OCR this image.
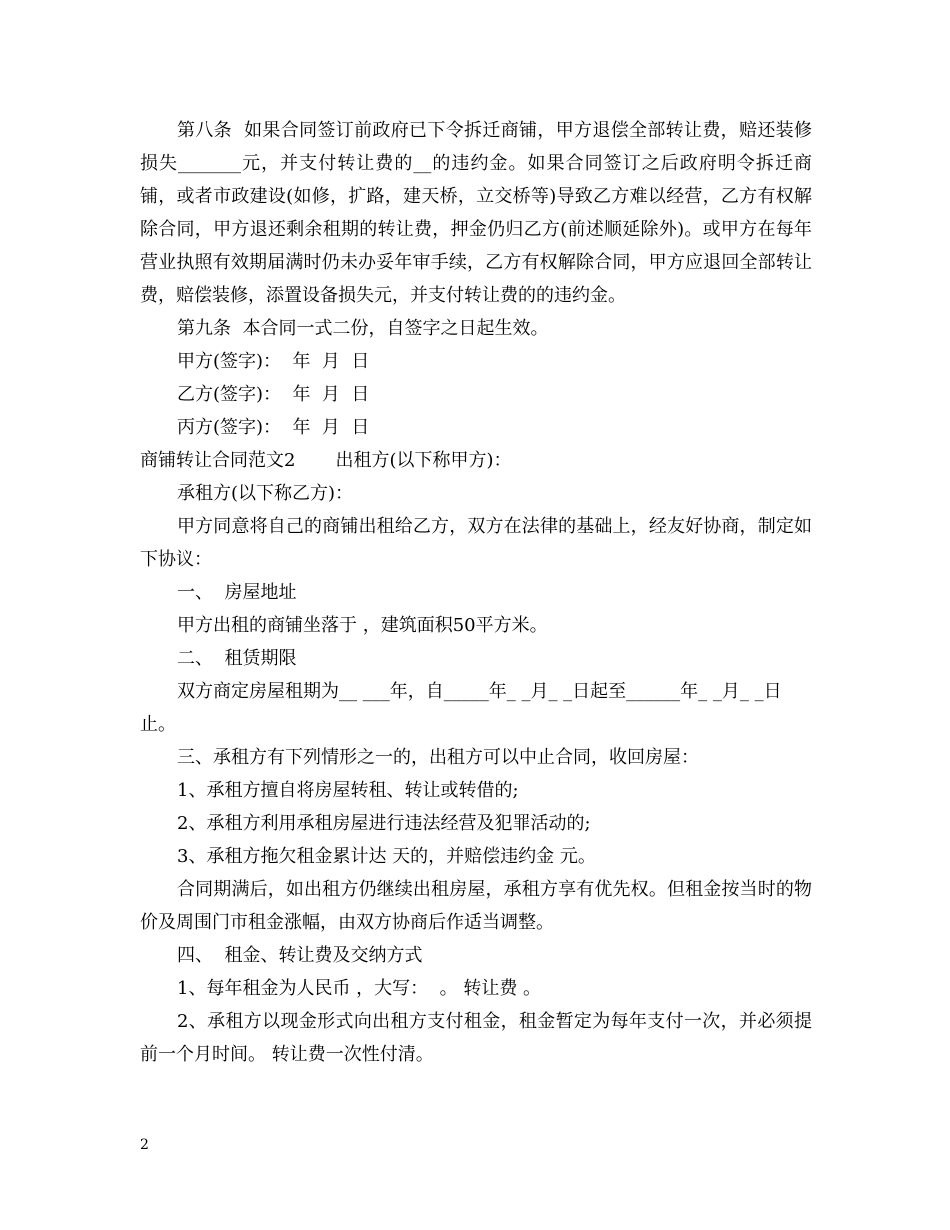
第八条  如果合同签订前政府已下令拆迁商铺，甲方退偿全部转让费，赔还装修损失_______元，并支付转让费的__的违约金。如果合同签订之后政府明令拆迁商铺，或者市政建设(如修，扩路，建天桥，立交桥等)导致乙方难以经营，乙方有权解除合同，甲方退还剩余租期的转让费，押金仍归乙方(前述顺延除外)。或甲方在每年营业执照有效期届满时仍未办妥年审手续，乙方有权解除合同，甲方应退回全部转让费，赔偿装修，添置设备损失元，并支付转让费的的违约金。

第九条  本合同一式二份，自签字之日起生效。

甲方(签字)：  年  月  日

乙方(签字)：  年  月  日

丙方(签字)：  年  月  日

商铺转让合同范文2       出租方(以下称甲方)：

承租方(以下称乙方)：

甲方同意将自己的商铺出租给乙方，双方在法律的基础上，经友好协商，制定如下协议：

一、  房屋地址

甲方出租的商铺坐落于 ，建筑面积50平方米。

二、  租赁期限

双方商定房屋租期为__ ___年，自_____年_ _月_ _日起至______年_ _月_ _日止。

三、承租方有下列情形之一的，出租方可以中止合同，收回房屋：

1、承租方擅自将房屋转租、转让或转借的;

2、承租方利用承租房屋进行违法经营及犯罪活动的;

3、承租方拖欠租金累计达 天的，并赔偿违约金 元。

合同期满后，如出租方仍继续出租房屋，承租方享有优先权。但租金按当时的物价及周围门市租金涨幅，由双方协商后作适当调整。

四、  租金、转让费及交纳方式

1、每年租金为人民币 ，大写：  。 转让费 。

2、承租方以现金形式向出租方支付租金，租金暂定为每年支付一次，并必须提前一个月时间。 转让费一次性付清。

2
